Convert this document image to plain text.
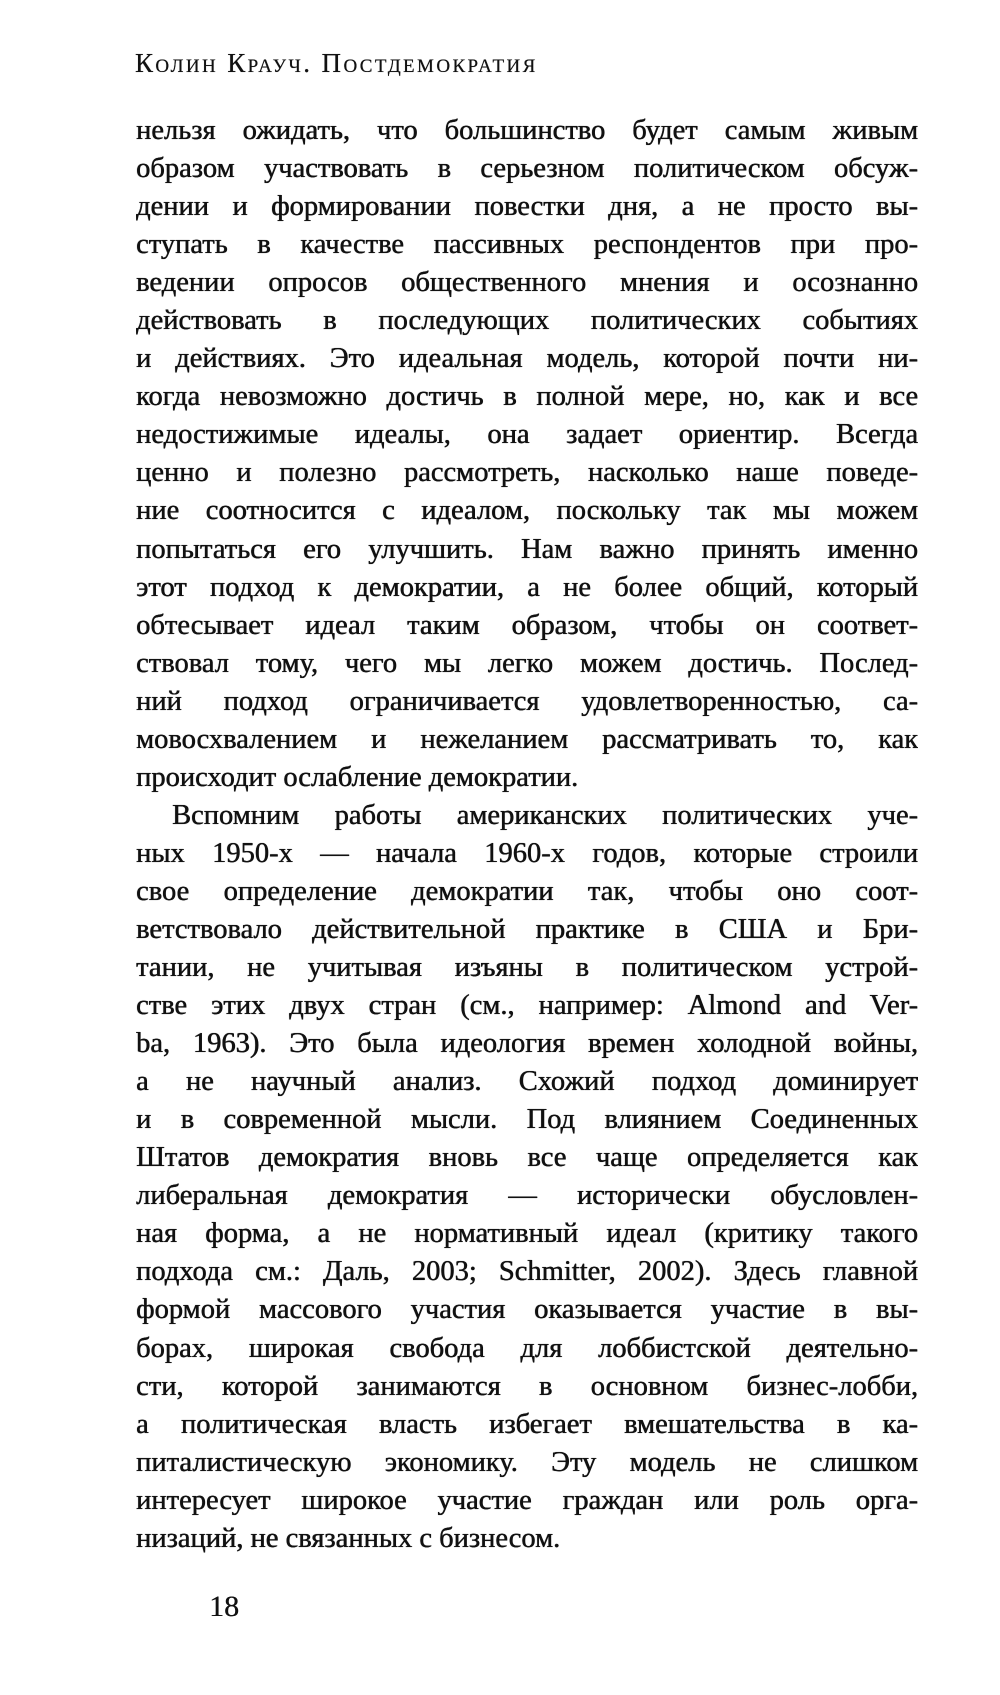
Колин Крауч. Постдемократия
нельзя ожидать, что большинство будет самым живым
образом участвовать в серьезном политическом обсуж-
дении и формировании повестки дня, а не просто вы-
ступать в качестве пассивных респондентов при про-
ведении опросов общественного мнения и осознанно
действовать в последующих политических событиях
и действиях. Это идеальная модель, которой почти ни-
когда невозможно достичь в полной мере, но, как и все
недостижимые идеалы, она задает ориентир. Всегда
ценно и полезно рассмотреть, насколько наше поведе-
ние соотносится с идеалом, поскольку так мы можем
попытаться его улучшить. Нам важно принять именно
этот подход к демократии, а не более общий, который
обтесывает идеал таким образом, чтобы он соответ-
ствовал тому, чего мы легко можем достичь. Послед-
ний подход ограничивается удовлетворенностью, са-
мовосхвалением и нежеланием рассматривать то, как
происходит ослабление демократии.
Вспомним работы американских политических уче-
ных 1950-х — начала 1960-х годов, которые строили
свое определение демократии так, чтобы оно соот-
ветствовало действительной практике в США и Бри-
тании, не учитывая изъяны в политическом устрой-
стве этих двух стран (см., например: Almond and Ver-
ba, 1963). Это была идеология времен холодной войны,
а не научный анализ. Схожий подход доминирует
и в современной мысли. Под влиянием Соединенных
Штатов демократия вновь все чаще определяется как
либеральная демократия — исторически обусловлен-
ная форма, а не нормативный идеал (критику такого
подхода см.: Даль, 2003; Schmitter, 2002). Здесь главной
формой массового участия оказывается участие в вы-
борах, широкая свобода для лоббистской деятельно-
сти, которой занимаются в основном бизнес-лобби,
а политическая власть избегает вмешательства в ка-
питалистическую экономику. Эту модель не слишком
интересует широкое участие граждан или роль орга-
низаций, не связанных с бизнесом.
18
